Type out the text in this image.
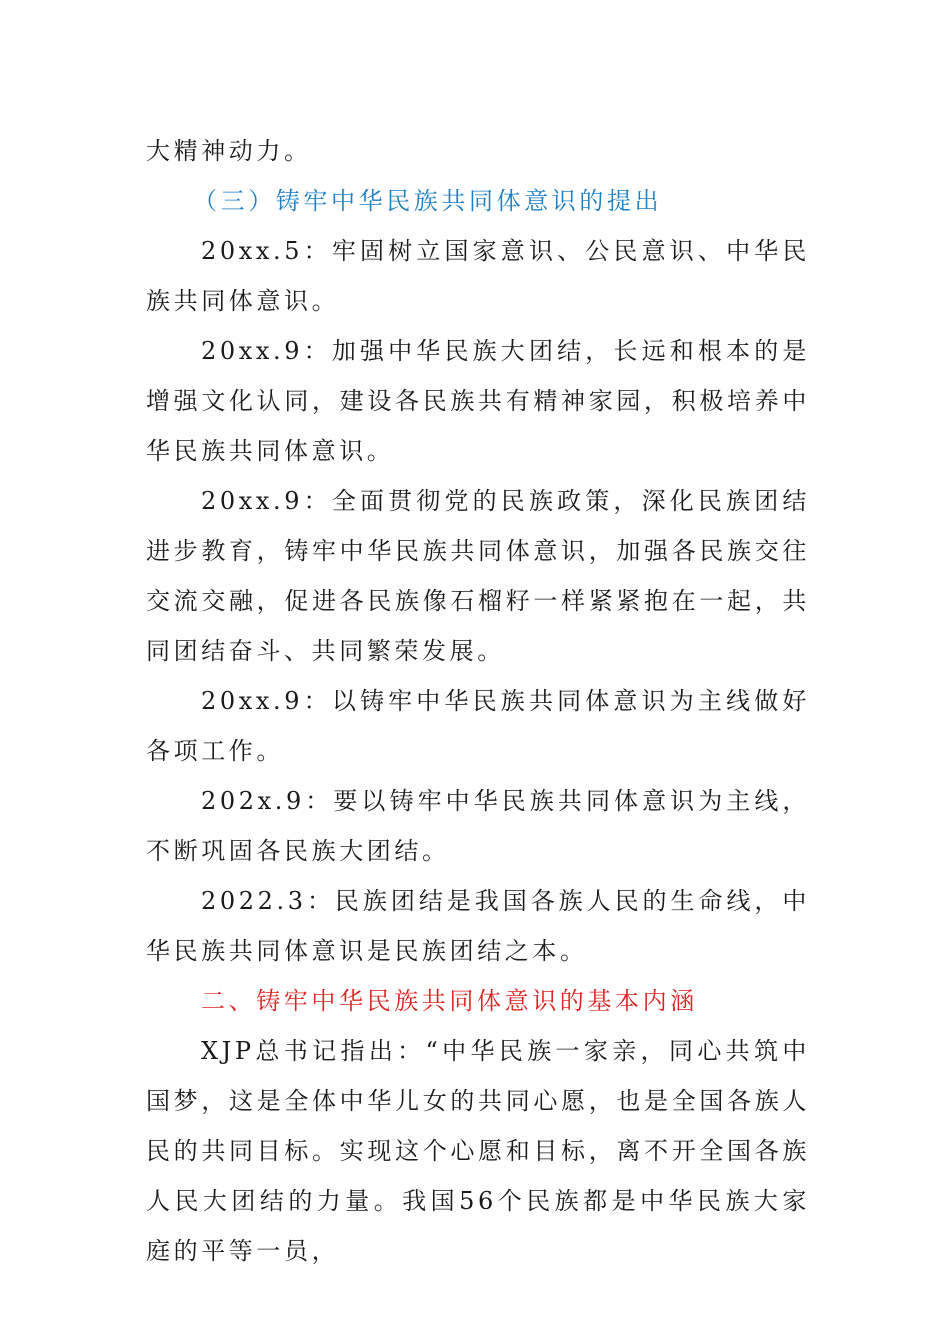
大精神动力。

（三）铸牢中华民族共同体意识的提出

20xx.5：牢固树立国家意识、公民意识、中华民族共同体意识。

20xx.9：加强中华民族大团结，长远和根本的是增强文化认同，建设各民族共有精神家园，积极培养中华民族共同体意识。

20xx.9：全面贯彻党的民族政策，深化民族团结进步教育，铸牢中华民族共同体意识，加强各民族交往交流交融，促进各民族像石榴籽一样紧紧抱在一起，共同团结奋斗、共同繁荣发展。

20xx.9：以铸牢中华民族共同体意识为主线做好各项工作。

202x.9：要以铸牢中华民族共同体意识为主线，不断巩固各民族大团结。

2022.3：民族团结是我国各族人民的生命线，中华民族共同体意识是民族团结之本。

二、铸牢中华民族共同体意识的基本内涵

XJP总书记指出：“中华民族一家亲，同心共筑中国梦，这是全体中华儿女的共同心愿，也是全国各族人民的共同目标。实现这个心愿和目标，离不开全国各族人民大团结的力量。我国56个民族都是中华民族大家庭的平等一员，
